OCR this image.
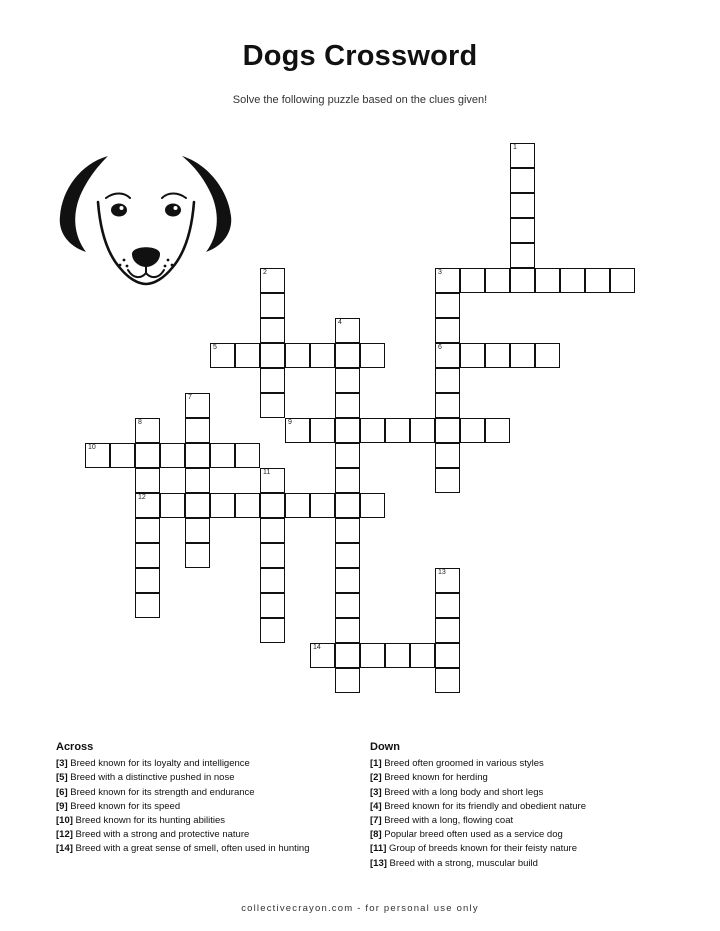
Dogs Crossword
Solve the following puzzle based on the clues given!
1
2	3
6
4
5
7
8
12
9
10
11
13
14
Across

[3] Breed known for its loyalty and intelligence

[5] Breed with a distinctive pushed in nose

[6] Breed known for its strength and endurance

[9] Breed known for its speed

[10] Breed known for its hunting abilities

[12] Breed with a strong and protective nature

[14] Breed with a great sense of smell, often used in hunting

Down

[1] Breed often groomed in various styles

[2] Breed known for herding

[3] Breed with a long body and short legs

[4] Breed known for its friendly and obedient nature

[7] Breed with a long, flowing coat

[8] Popular breed often used as a service dog

[11] Group of breeds known for their feisty nature

[13] Breed with a strong, muscular build

collectivecrayon.com - for personal use only
